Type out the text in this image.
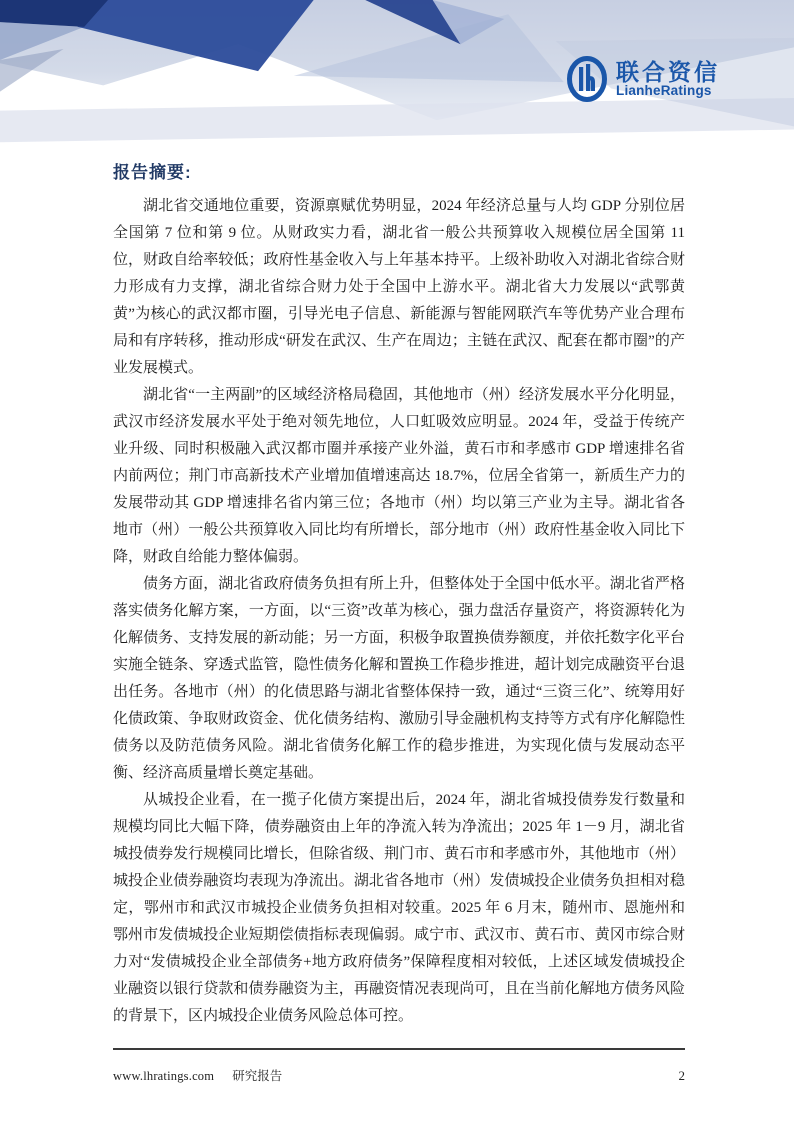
联合资信
LianheRatings
报告摘要:

湖北省交通地位重要，资源禀赋优势明显，2024 年经济总量与人均 GDP 分别位居全国第 7 位和第 9 位。从财政实力看，湖北省一般公共预算收入规模位居全国第 11 位，财政自给率较低；政府性基金收入与上年基本持平。上级补助收入对湖北省综合财力形成有力支撑，湖北省综合财力处于全国中上游水平。湖北省大力发展以“武鄂黄黄”为核心的武汉都市圈，引导光电子信息、新能源与智能网联汽车等优势产业合理布局和有序转移，推动形成“研发在武汉、生产在周边；主链在武汉、配套在都市圈”的产业发展模式。

湖北省“一主两副”的区域经济格局稳固，其他地市（州）经济发展水平分化明显，武汉市经济发展水平处于绝对领先地位，人口虹吸效应明显。2024 年，受益于传统产业升级、同时积极融入武汉都市圈并承接产业外溢，黄石市和孝感市 GDP 增速排名省内前两位；荆门市高新技术产业增加值增速高达 18.7%，位居全省第一，新质生产力的发展带动其 GDP 增速排名省内第三位；各地市（州）均以第三产业为主导。湖北省各地市（州）一般公共预算收入同比均有所增长，部分地市（州）政府性基金收入同比下降，财政自给能力整体偏弱。

债务方面，湖北省政府债务负担有所上升，但整体处于全国中低水平。湖北省严格落实债务化解方案，一方面，以“三资”改革为核心，强力盘活存量资产，将资源转化为化解债务、支持发展的新动能；另一方面，积极争取置换债券额度，并依托数字化平台实施全链条、穿透式监管，隐性债务化解和置换工作稳步推进，超计划完成融资平台退出任务。各地市（州）的化债思路与湖北省整体保持一致，通过“三资三化”、统筹用好化债政策、争取财政资金、优化债务结构、激励引导金融机构支持等方式有序化解隐性债务以及防范债务风险。湖北省债务化解工作的稳步推进，为实现化债与发展动态平衡、经济高质量增长奠定基础。

从城投企业看，在一揽子化债方案提出后，2024 年，湖北省城投债券发行数量和规模均同比大幅下降，债券融资由上年的净流入转为净流出；2025 年 1－9 月，湖北省城投债券发行规模同比增长，但除省级、荆门市、黄石市和孝感市外，其他地市（州）城投企业债券融资均表现为净流出。湖北省各地市（州）发债城投企业债务负担相对稳定，鄂州市和武汉市城投企业债务负担相对较重。2025 年 6 月末，随州市、恩施州和鄂州市发债城投企业短期偿债指标表现偏弱。咸宁市、武汉市、黄石市、黄冈市综合财力对“发债城投企业全部债务+地方政府债务”保障程度相对较低，上述区域发债城投企业融资以银行贷款和债券融资为主，再融资情况表现尚可，且在当前化解地方债务风险的背景下，区内城投企业债务风险总体可控。

www.lhratings.com 研究报告	2
